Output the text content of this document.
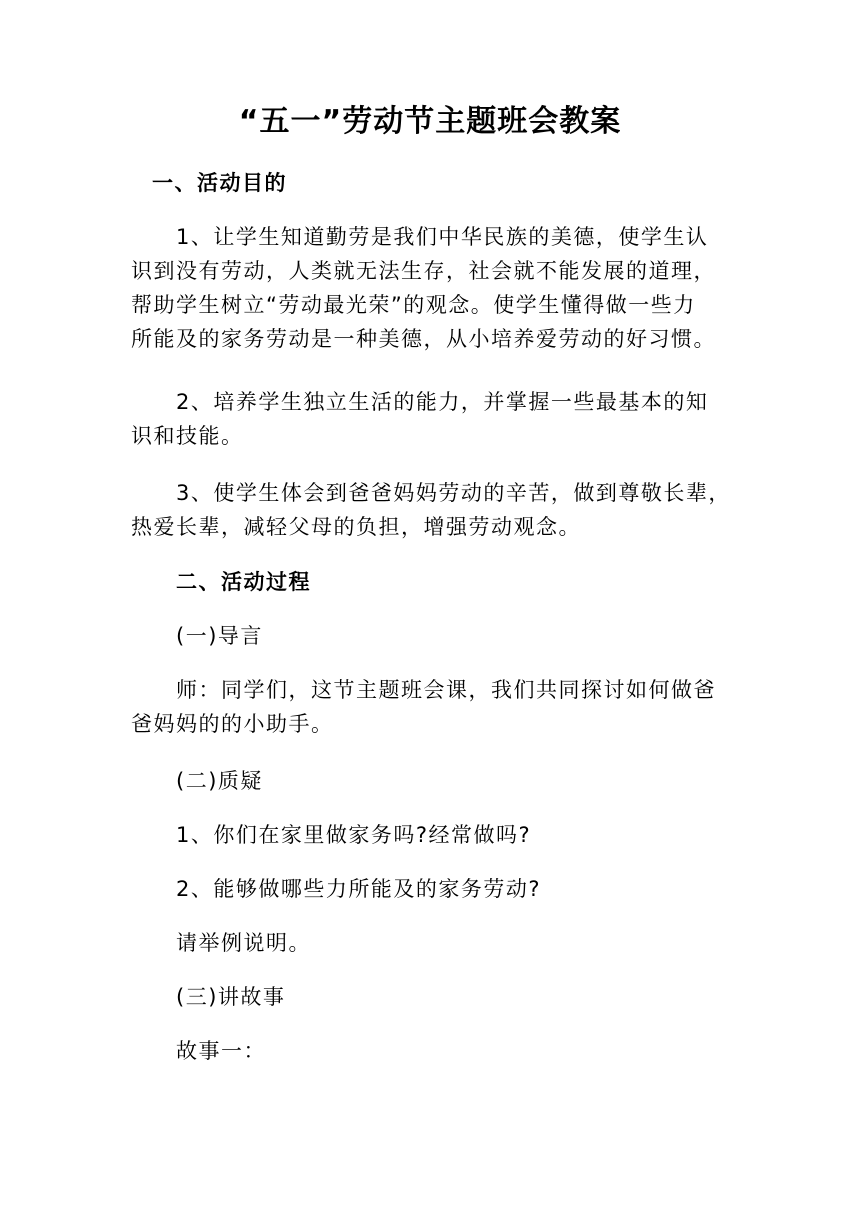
“五一”劳动节主题班会教案

一、活动目的

1、让学生知道勤劳是我们中华民族的美德，使学生认
识到没有劳动，人类就无法生存，社会就不能发展的道理，
帮助学生树立“劳动最光荣”的观念。使学生懂得做一些力
所能及的家务劳动是一种美德，从小培养爱劳动的好习惯。

2、培养学生独立生活的能力，并掌握一些最基本的知
识和技能。

3、使学生体会到爸爸妈妈劳动的辛苦，做到尊敬长辈，
热爱长辈，减轻父母的负担，增强劳动观念。

二、活动过程

(一)导言

师：同学们，这节主题班会课，我们共同探讨如何做爸
爸妈妈的的小助手。

(二)质疑

1、你们在家里做家务吗?经常做吗?

2、能够做哪些力所能及的家务劳动?

请举例说明。

(三)讲故事

故事一：
